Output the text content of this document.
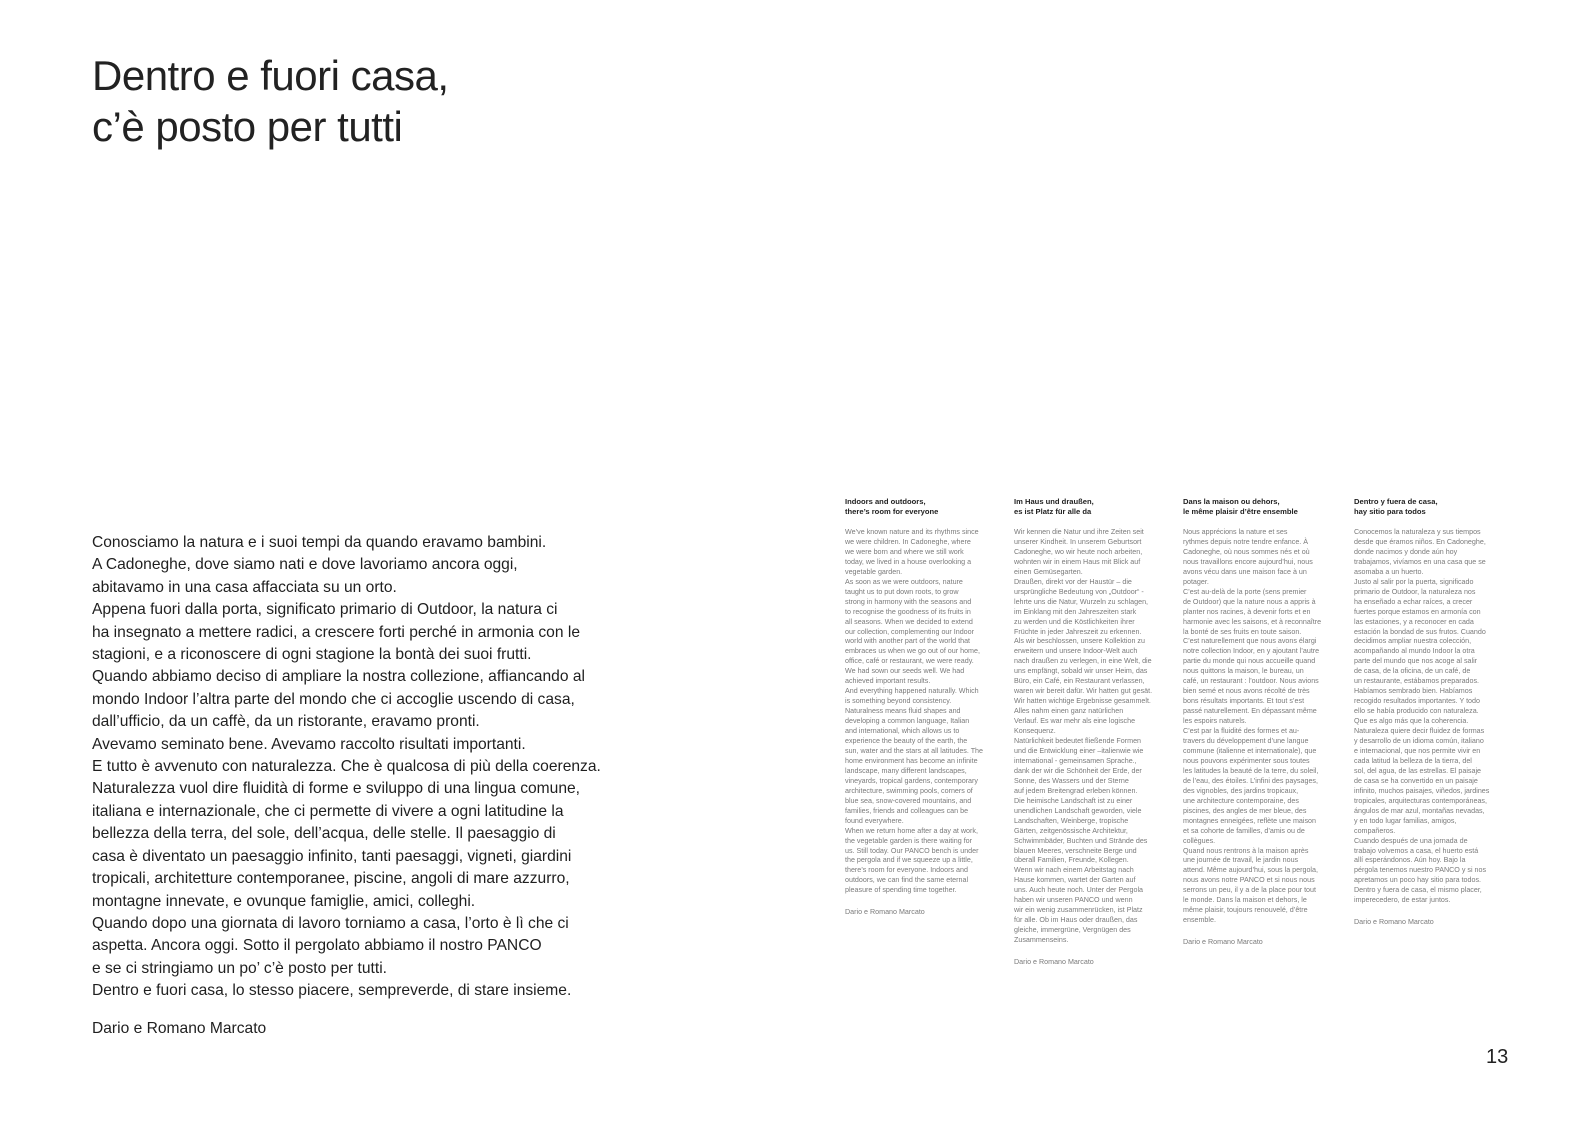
Dentro e fuori casa,
c’è posto per tutti
Conosciamo la natura e i suoi tempi da quando eravamo bambini.
A Cadoneghe, dove siamo nati e dove lavoriamo ancora oggi,
abitavamo in una casa affacciata su un orto.
Appena fuori dalla porta, significato primario di Outdoor, la natura ci
ha insegnato a mettere radici, a crescere forti perché in armonia con le
stagioni, e a riconoscere di ogni stagione la bontà dei suoi frutti.
Quando abbiamo deciso di ampliare la nostra collezione, affiancando al
mondo Indoor l’altra parte del mondo che ci accoglie uscendo di casa,
dall’ufficio, da un caffè, da un ristorante, eravamo pronti.
Avevamo seminato bene. Avevamo raccolto risultati importanti.
E tutto è avvenuto con naturalezza. Che è qualcosa di più della coerenza.
Naturalezza vuol dire fluidità di forme e sviluppo di una lingua comune,
italiana e internazionale, che ci permette di vivere a ogni latitudine la
bellezza della terra, del sole, dell’acqua, delle stelle. Il paesaggio di
casa è diventato un paesaggio infinito, tanti paesaggi, vigneti, giardini
tropicali, architetture contemporanee, piscine, angoli di mare azzurro,
montagne innevate, e ovunque famiglie, amici, colleghi.
Quando dopo una giornata di lavoro torniamo a casa, l’orto è lì che ci
aspetta. Ancora oggi. Sotto il pergolato abbiamo il nostro PANCO
e se ci stringiamo un po’ c’è posto per tutti.
Dentro e fuori casa, lo stesso piacere, sempreverde, di stare insieme.
Dario e Romano Marcato
Indoors and outdoors,
there’s room for everyone
We’ve known nature and its rhythms since
we were children. In Cadoneghe, where
we were born and where we still work
today, we lived in a house overlooking a
vegetable garden.
As soon as we were outdoors, nature
taught us to put down roots, to grow
strong in harmony with the seasons and
to recognise the goodness of its fruits in
all seasons. When we decided to extend
our collection, complementing our Indoor
world with another part of the world that
embraces us when we go out of our home,
office, café or restaurant, we were ready.
We had sown our seeds well. We had
achieved important results.
And everything happened naturally. Which
is something beyond consistency.
Naturalness means fluid shapes and
developing a common language, Italian
and international, which allows us to
experience the beauty of the earth, the
sun, water and the stars at all latitudes. The
home environment has become an infinite
landscape, many different landscapes,
vineyards, tropical gardens, contemporary
architecture, swimming pools, corners of
blue sea, snow-covered mountains, and
families, friends and colleagues can be
found everywhere.
When we return home after a day at work,
the vegetable garden is there waiting for
us. Still today. Our PANCO bench is under
the pergola and if we squeeze up a little,
there’s room for everyone. Indoors and
outdoors, we can find the same eternal
pleasure of spending time together.
Dario e Romano Marcato
Im Haus und draußen,
es ist Platz für alle da
Wir kennen die Natur und ihre Zeiten seit
unserer Kindheit. In unserem Geburtsort
Cadoneghe, wo wir heute noch arbeiten,
wohnten wir in einem Haus mit Blick auf
einen Gemüsegarten.
Draußen, direkt vor der Haustür – die
ursprüngliche Bedeutung von „Outdoor“ -
lehrte uns die Natur, Wurzeln zu schlagen,
im Einklang mit den Jahreszeiten stark
zu werden und die Köstlichkeiten ihrer
Früchte in jeder Jahreszeit zu erkennen.
Als wir beschlossen, unsere Kollektion zu
erweitern und unsere Indoor-Welt auch
nach draußen zu verlegen, in eine Welt, die
uns empfängt, sobald wir unser Heim, das
Büro, ein Café, ein Restaurant verlassen,
waren wir bereit dafür. Wir hatten gut gesät.
Wir hatten wichtige Ergebnisse gesammelt.
Alles nahm einen ganz natürlichen
Verlauf. Es war mehr als eine logische
Konsequenz.
Natürlichkeit bedeutet fließende Formen
und die Entwicklung einer –italienwie wie
international - gemeinsamen Sprache.,
dank der wir die Schönheit der Erde, der
Sonne, des Wassers und der Sterne
auf jedem Breitengrad erleben können.
Die heimische Landschaft ist zu einer
unendlichen Landschaft geworden, viele
Landschaften, Weinberge, tropische
Gärten, zeitgenössische Architektur,
Schwimmbäder, Buchten und Strände des
blauen Meeres, verschneite Berge und
überall Familien, Freunde, Kollegen.
Wenn wir nach einem Arbeitstag nach
Hause kommen, wartet der Garten auf
uns. Auch heute noch. Unter der Pergola
haben wir unseren PANCO und wenn
wir ein wenig zusammenrücken, ist Platz
für alle. Ob im Haus oder draußen, das
gleiche, immergrüne, Vergnügen des
Zusammenseins.
Dario e Romano Marcato
Dans la maison ou dehors,
le même plaisir d’être ensemble
Nous apprécions la nature et ses
rythmes depuis notre tendre enfance. À
Cadoneghe, où nous sommes nés et où
nous travaillons encore aujourd’hui, nous
avons vécu dans une maison face à un
potager.
C’est au-delà de la porte (sens premier
de Outdoor) que la nature nous a appris à
planter nos racines, à devenir forts et en
harmonie avec les saisons, et à reconnaître
la bonté de ses fruits en toute saison.
C’est naturellement que nous avons élargi
notre collection Indoor, en y ajoutant l’autre
partie du monde qui nous accueille quand
nous quittons la maison, le bureau, un
café, un restaurant : l’outdoor. Nous avions
bien semé et nous avons récolté de très
bons résultats importants. Et tout s’est
passé naturellement. En dépassant même
les espoirs naturels.
C’est par la fluidité des formes et au-
travers du développement d’une langue
commune (italienne et internationale), que
nous pouvons expérimenter sous toutes
les latitudes la beauté de la terre, du soleil,
de l’eau, des étoiles. L’infini des paysages,
des vignobles, des jardins tropicaux,
une architecture contemporaine, des
piscines, des angles de mer bleue, des
montagnes enneigées, reflète une maison
et sa cohorte de familles, d’amis ou de
collègues.
Quand nous rentrons à la maison après
une journée de travail, le jardin nous
attend. Même aujourd’hui, sous la pergola,
nous avons notre PANCO et si nous nous
serrons un peu, il y a de la place pour tout
le monde. Dans la maison et dehors, le
même plaisir, toujours renouvelé, d’être
ensemble.
Dario e Romano Marcato
Dentro y fuera de casa,
hay sitio para todos
Conocemos la naturaleza y sus tiempos
desde que éramos niños. En Cadoneghe,
donde nacimos y donde aún hoy
trabajamos, vivíamos en una casa que se
asomaba a un huerto.
Justo al salir por la puerta, significado
primario de Outdoor, la naturaleza nos
ha enseñado a echar raíces, a crecer
fuertes porque estamos en armonía con
las estaciones, y a reconocer en cada
estación la bondad de sus frutos. Cuando
decidimos ampliar nuestra colección,
acompañando al mundo Indoor la otra
parte del mundo que nos acoge al salir
de casa, de la oficina, de un café, de
un restaurante, estábamos preparados.
Habíamos sembrado bien. Habíamos
recogido resultados importantes. Y todo
ello se había producido con naturaleza.
Que es algo más que la coherencia.
Naturaleza quiere decir fluidez de formas
y desarrollo de un idioma común, italiano
e internacional, que nos permite vivir en
cada latitud la belleza de la tierra, del
sol, del agua, de las estrellas. El paisaje
de casa se ha convertido en un paisaje
infinito, muchos paisajes, viñedos, jardines
tropicales, arquitecturas contemporáneas,
ángulos de mar azul, montañas nevadas,
y en todo lugar familias, amigos,
compañeros.
Cuando después de una jornada de
trabajo volvemos a casa, el huerto está
allí esperándonos. Aún hoy. Bajo la
pérgola tenemos nuestro PANCO y si nos
apretamos un poco hay sitio para todos.
Dentro y fuera de casa, el mismo placer,
imperecedero, de estar juntos.
Dario e Romano Marcato
13
